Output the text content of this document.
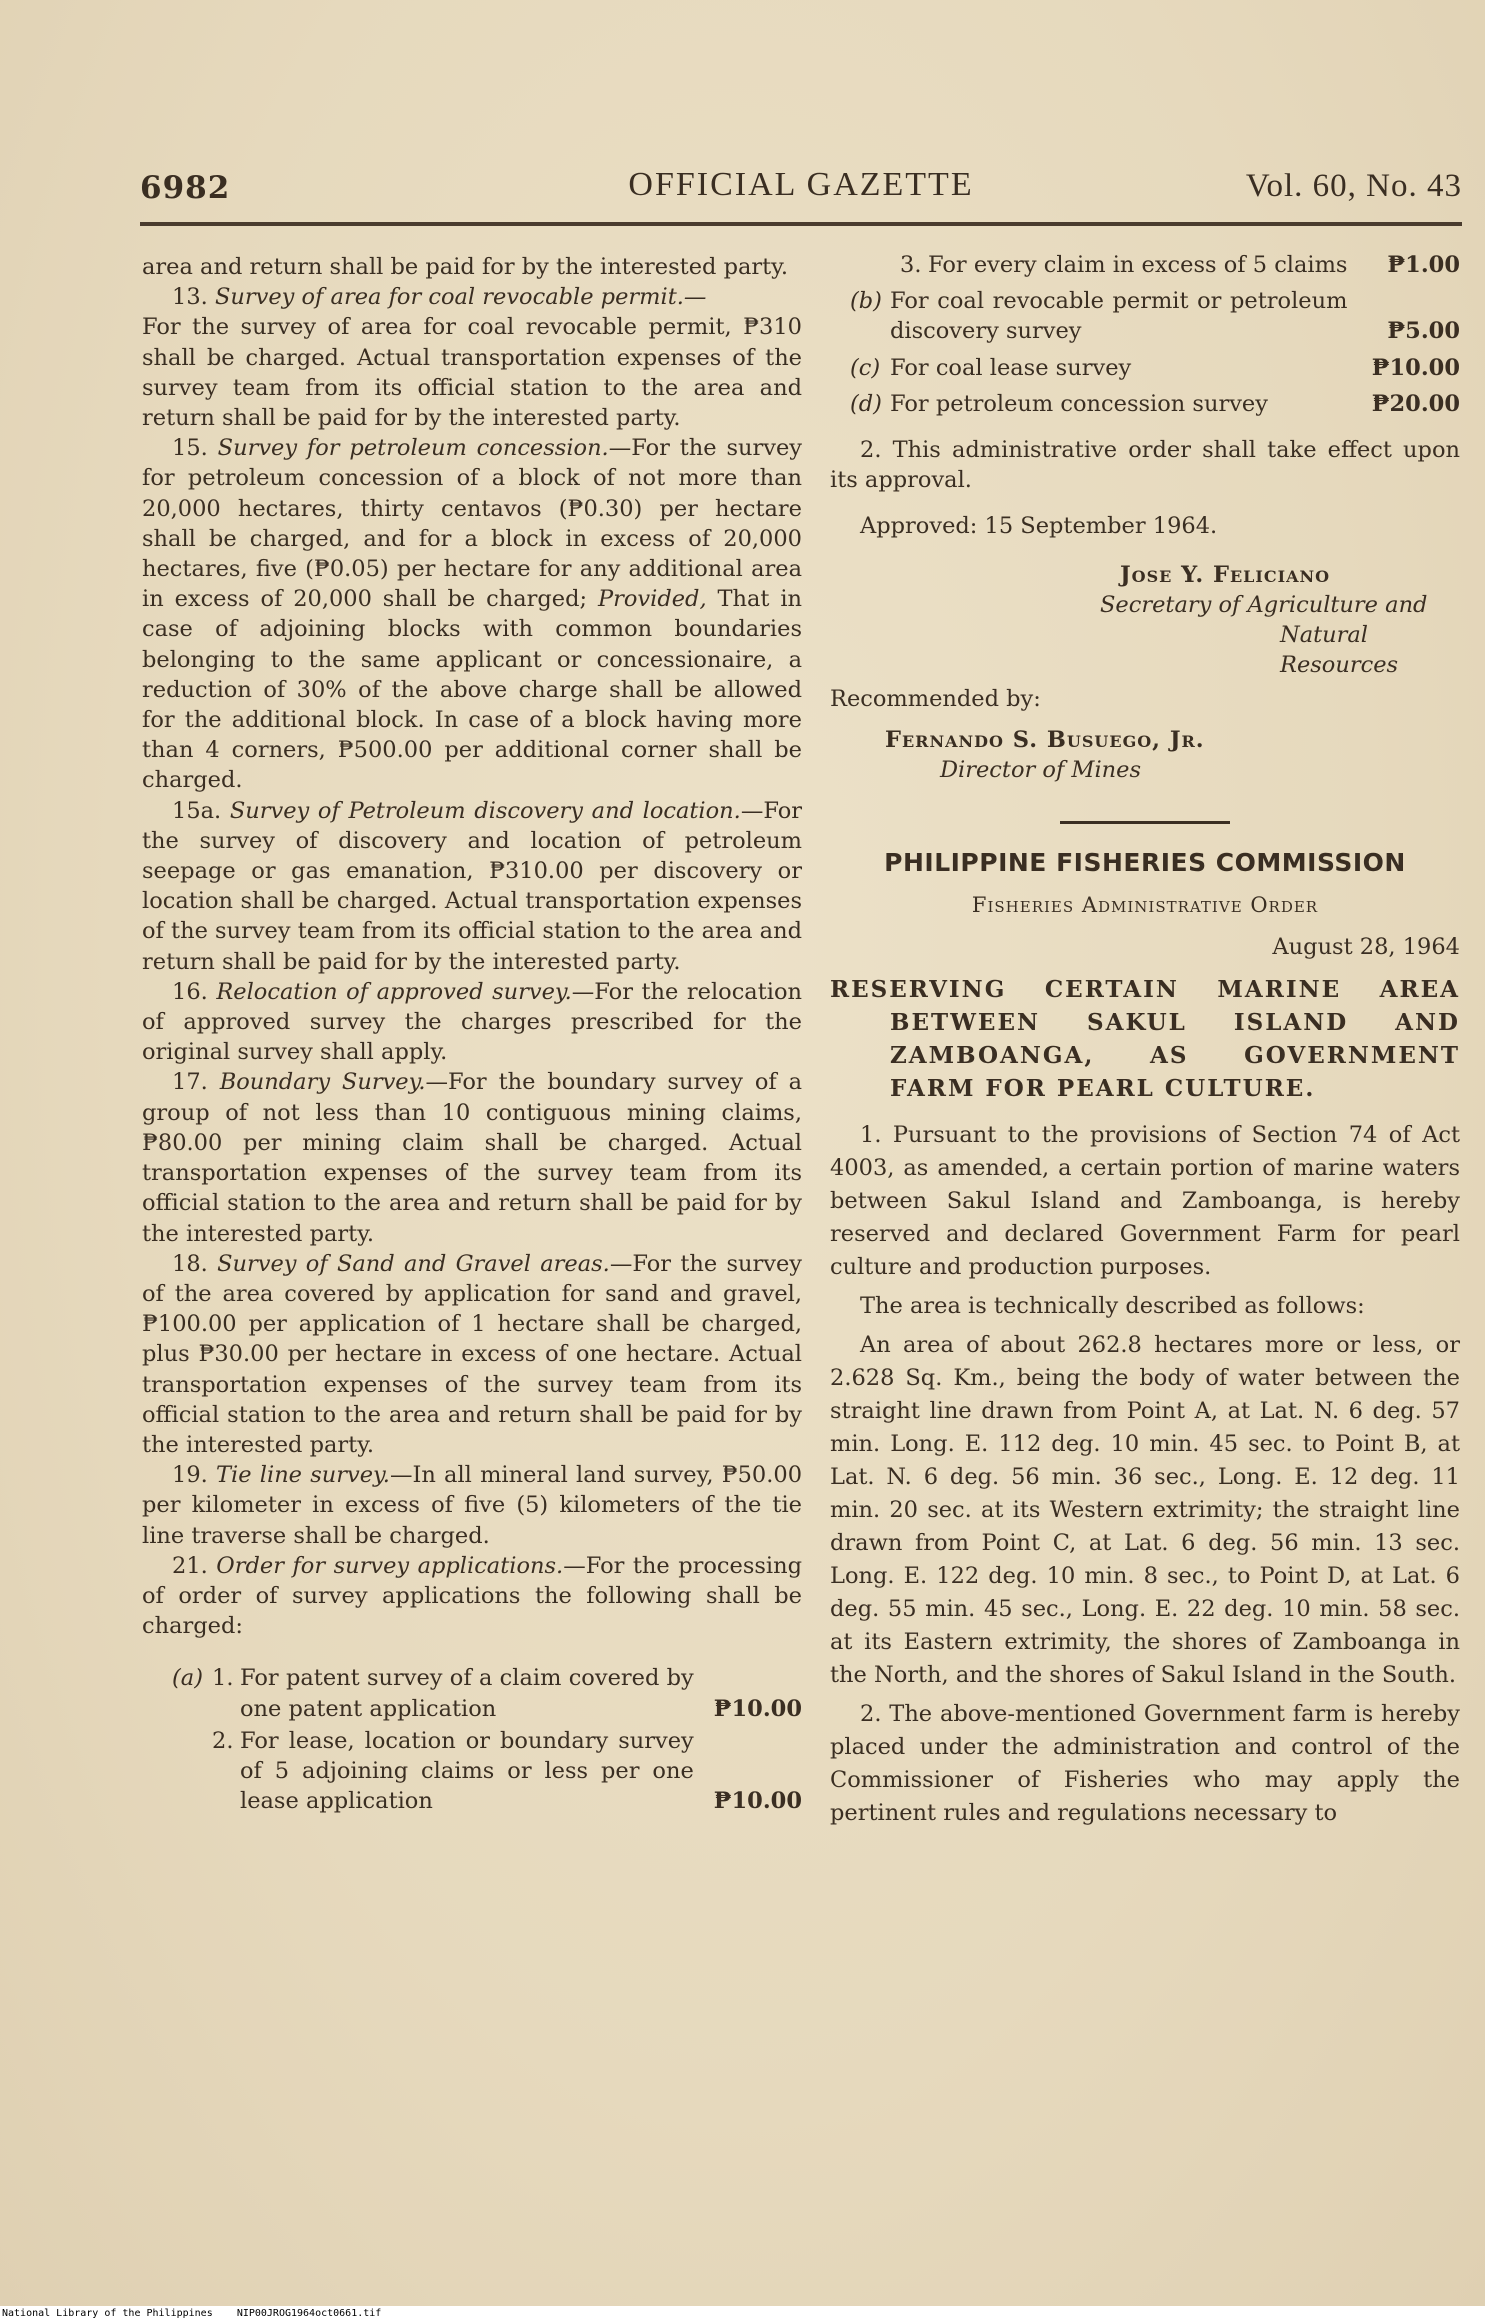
6982	OFFICIAL GAZETTE	Vol. 60, No. 43

area and return shall be paid for by the interested party.

13. Survey of area for coal revocable permit.—
For the survey of area for coal revocable permit, ₱310 shall be charged. Actual transportation expenses of the survey team from its official station to the area and return shall be paid for by the interested party.

15. Survey for petroleum concession.—For the survey for petroleum concession of a block of not more than 20,000 hectares, thirty centavos (₱0.30) per hectare shall be charged, and for a block in excess of 20,000 hectares, five (₱0.05) per hectare for any additional area in excess of 20,000 shall be charged; Provided, That in case of adjoining blocks with common boundaries belonging to the same applicant or concessionaire, a reduction of 30% of the above charge shall be allowed for the additional block. In case of a block having more than 4 corners, ₱500.00 per additional corner shall be charged.

15a. Survey of Petroleum discovery and location.—For the survey of discovery and location of petroleum seepage or gas emanation, ₱310.00 per discovery or location shall be charged. Actual transportation expenses of the survey team from its official station to the area and return shall be paid for by the interested party.

16. Relocation of approved survey.—For the relocation of approved survey the charges prescribed for the original survey shall apply.

17. Boundary Survey.—For the boundary survey of a group of not less than 10 contiguous mining claims, ₱80.00 per mining claim shall be charged. Actual transportation expenses of the survey team from its official station to the area and return shall be paid for by the interested party.

18. Survey of Sand and Gravel areas.—For the survey of the area covered by application for sand and gravel, ₱100.00 per application of 1 hectare shall be charged, plus ₱30.00 per hectare in excess of one hectare. Actual transportation expenses of the survey team from its official station to the area and return shall be paid for by the interested party.

19. Tie line survey.—In all mineral land survey, ₱50.00 per kilometer in excess of five (5) kilometers of the tie line traverse shall be charged.

21. Order for survey applications.—For the processing of order of survey applications the following shall be charged:

(a) 1. For patent survey of a claim covered by one patent application	₱10.00
2. For lease, location or boundary survey of 5 adjoining claims or less per one lease application	₱10.00
3. For every claim in excess of 5 claims	₱1.00
(b) For coal revocable permit or petroleum discovery survey	₱5.00
(c) For coal lease survey	₱10.00
(d) For petroleum concession survey	₱20.00

2. This administrative order shall take effect upon its approval.

Approved: 15 September 1964.

Jose Y. Feliciano
Secretary of Agriculture and
Natural Resources

Recommended by:

Fernando S. Busuego, Jr.
Director of Mines
PHILIPPINE FISHERIES COMMISSION
Fisheries Administrative Order
August 28, 1964
RESERVING CERTAIN MARINE AREA BETWEEN SAKUL ISLAND AND ZAMBOANGA, AS GOVERNMENT FARM FOR PEARL CULTURE.

1. Pursuant to the provisions of Section 74 of Act 4003, as amended, a certain portion of marine waters between Sakul Island and Zamboanga, is hereby reserved and declared Government Farm for pearl culture and production purposes.

The area is technically described as follows:

An area of about 262.8 hectares more or less, or 2.628 Sq. Km., being the body of water between the straight line drawn from Point A, at Lat. N. 6 deg. 57 min. Long. E. 112 deg. 10 min. 45 sec. to Point B, at Lat. N. 6 deg. 56 min. 36 sec., Long. E. 12 deg. 11 min. 20 sec. at its Western extrimity; the straight line drawn from Point C, at Lat. 6 deg. 56 min. 13 sec. Long. E. 122 deg. 10 min. 8 sec., to Point D, at Lat. 6 deg. 55 min. 45 sec., Long. E. 22 deg. 10 min. 58 sec. at its Eastern extrimity, the shores of Zamboanga in the North, and the shores of Sakul Island in the South.

2. The above-mentioned Government farm is hereby placed under the administration and control of the Commissioner of Fisheries who may apply the pertinent rules and regulations necessary to

National Library of the Philippines NIP00JROG1964oct0661.tif
